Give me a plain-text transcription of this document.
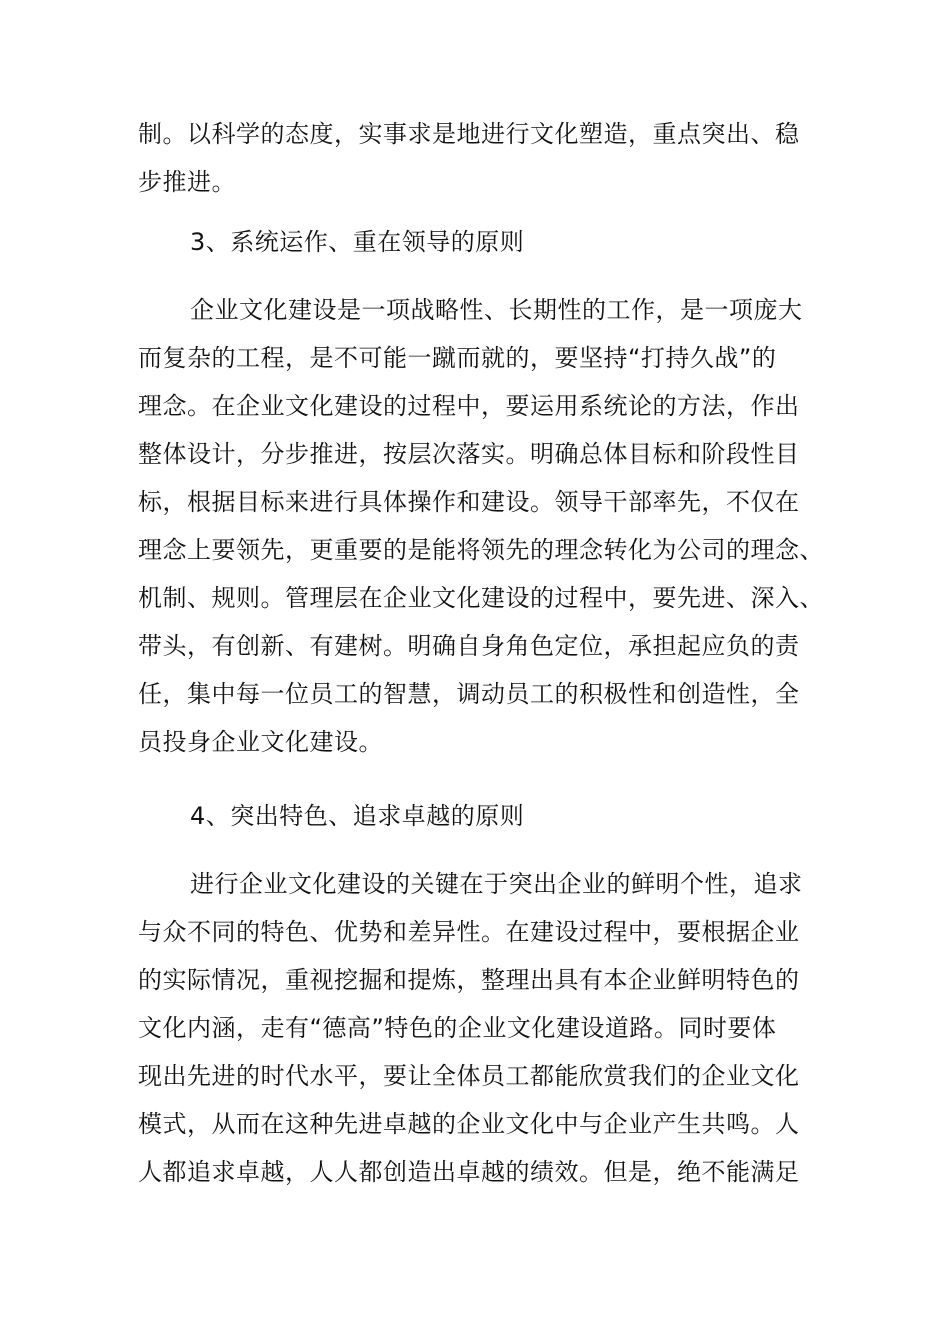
制。以科学的态度，实事求是地进行文化塑造，重点突出、稳
步推进。
3、系统运作、重在领导的原则
企业文化建设是一项战略性、长期性的工作，是一项庞大
而复杂的工程，是不可能一蹴而就的，要坚持“打持久战”的
理念。在企业文化建设的过程中，要运用系统论的方法，作出
整体设计，分步推进，按层次落实。明确总体目标和阶段性目
标，根据目标来进行具体操作和建设。领导干部率先，不仅在
理念上要领先，更重要的是能将领先的理念转化为公司的理念、
机制、规则。管理层在企业文化建设的过程中，要先进、深入、
带头，有创新、有建树。明确自身角色定位，承担起应负的责
任，集中每一位员工的智慧，调动员工的积极性和创造性，全
员投身企业文化建设。
4、突出特色、追求卓越的原则
进行企业文化建设的关键在于突出企业的鲜明个性，追求
与众不同的特色、优势和差异性。在建设过程中，要根据企业
的实际情况，重视挖掘和提炼，整理出具有本企业鲜明特色的
文化内涵，走有“德高”特色的企业文化建设道路。同时要体
现出先进的时代水平，要让全体员工都能欣赏我们的企业文化
模式，从而在这种先进卓越的企业文化中与企业产生共鸣。人
人都追求卓越，人人都创造出卓越的绩效。但是，绝不能满足
